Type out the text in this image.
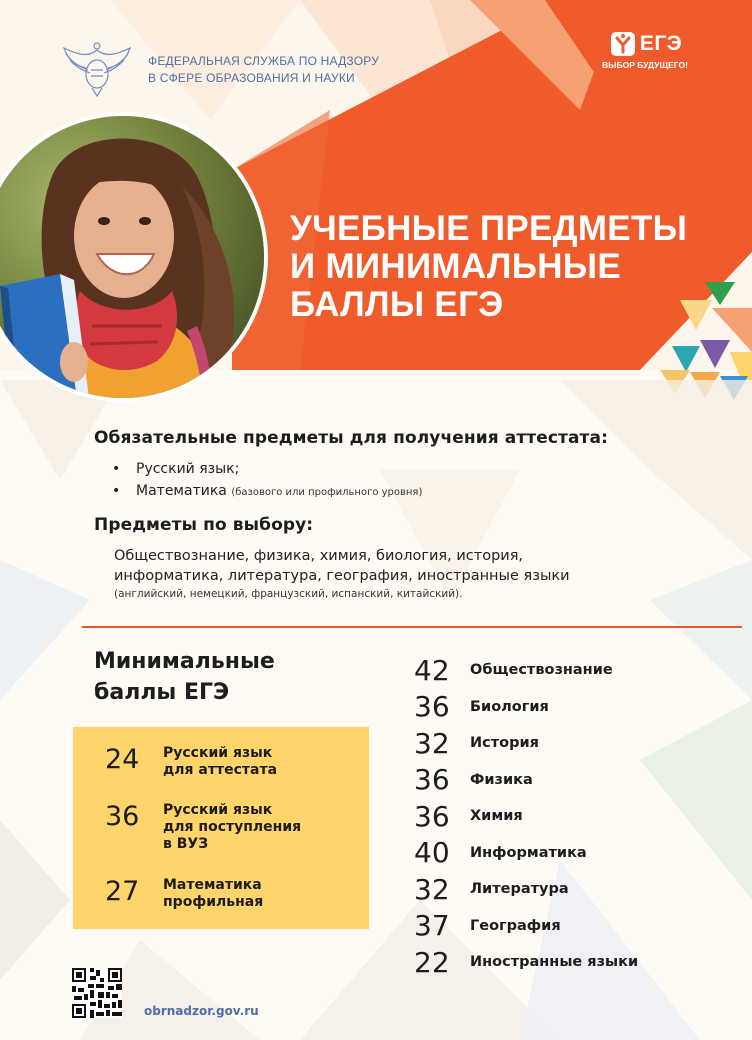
ФЕДЕРАЛЬНАЯ СЛУЖБА ПО НАДЗОРУ
В СФЕРЕ ОБРАЗОВАНИЯ И НАУКИ
ЕГЭ
ВЫБОР БУДУЩЕГО!
УЧЕБНЫЕ ПРЕДМЕТЫ
И МИНИМАЛЬНЫЕ
БАЛЛЫ ЕГЭ
Обязательные предметы для получения аттестата:
• Русский язык;
• Математика (базового или профильного уровня)
Предметы по выбору:
Обществознание, физика, химия, биология, история,
информатика, литература, география, иностранные языки
(английский, немецкий, французский, испанский, китайский).
Минимальные
баллы ЕГЭ
24	Русский язык
для аттестата
36	Русский язык
для поступления
в ВУЗ
27	Математика
профильная
42	Обществознание
36	Биология
32	История
36	Физика
36	Химия
40	Информатика
32	Литература
37	География
22	Иностранные языки
obrnadzor.gov.ru
